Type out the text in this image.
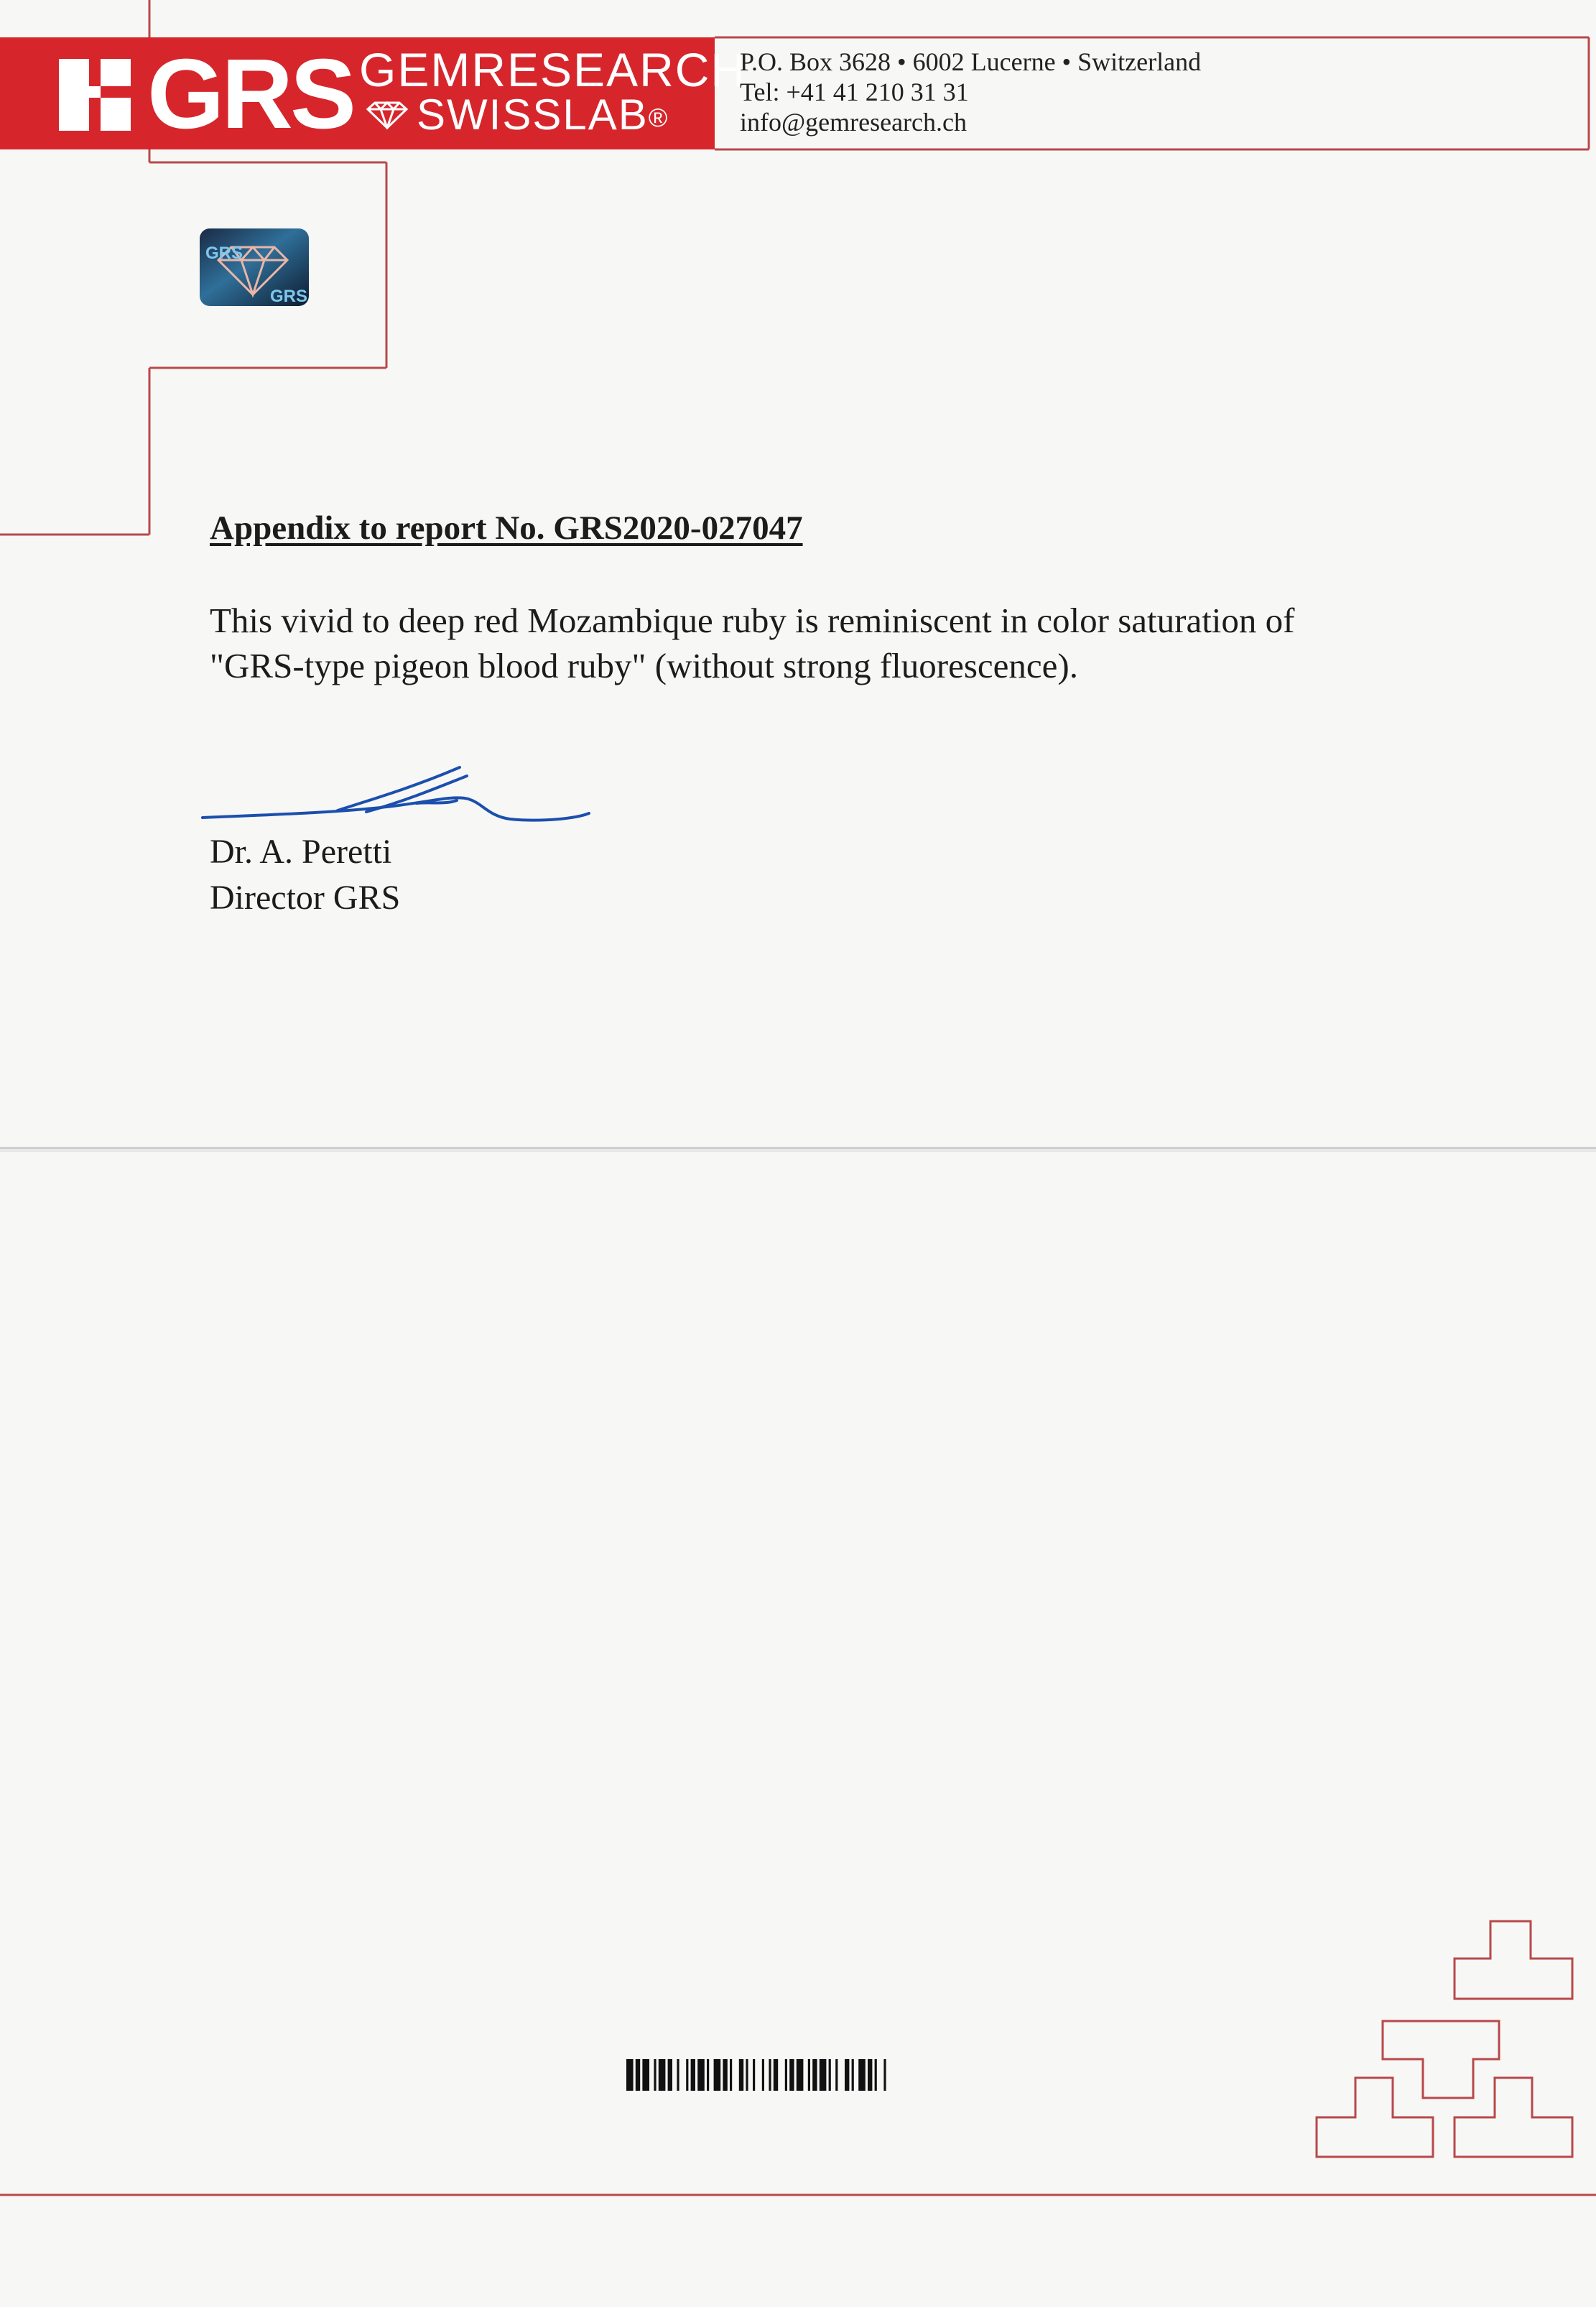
GRS GEMRESEARCH
SWISSLAB®
P.O. Box 3628 • 6002 Lucerne • Switzerland
Tel: +41 41 210 31 31
info@gemresearch.ch
GRS
GRS
Appendix to report No. GRS2020-027047

This vivid to deep red Mozambique ruby is reminiscent in color saturation of

"GRS-type pigeon blood ruby" (without strong fluorescence).

Dr. A. Peretti
Director GRS
